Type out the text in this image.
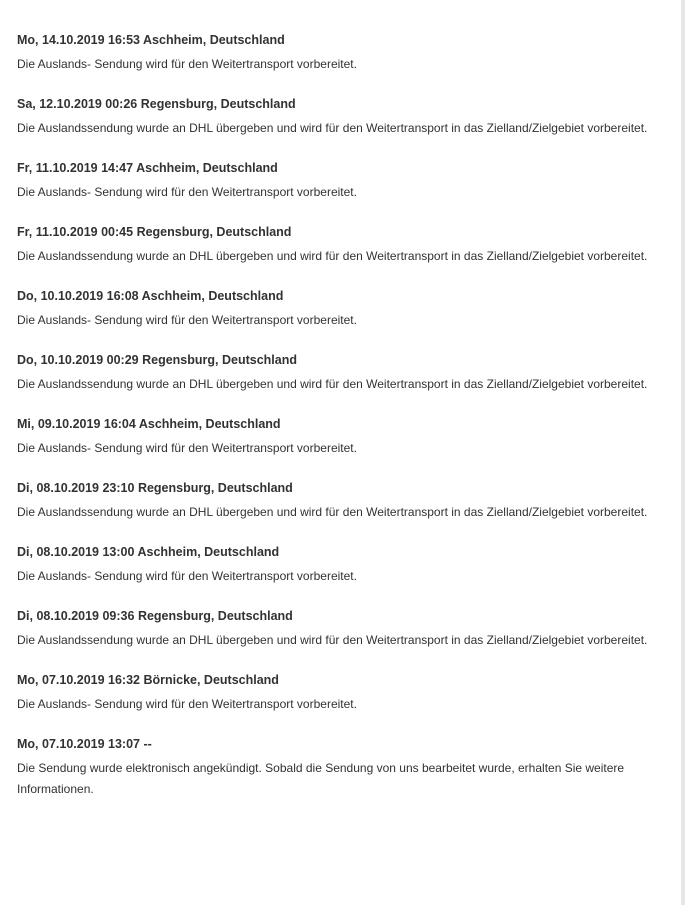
Mo, 14.10.2019 16:53 Aschheim, Deutschland

Die Auslands- Sendung wird für den Weitertransport vorbereitet.

Sa, 12.10.2019 00:26 Regensburg, Deutschland

Die Auslandssendung wurde an DHL übergeben und wird für den Weitertransport in das Zielland/Zielgebiet vorbereitet.

Fr, 11.10.2019 14:47 Aschheim, Deutschland

Die Auslands- Sendung wird für den Weitertransport vorbereitet.

Fr, 11.10.2019 00:45 Regensburg, Deutschland

Die Auslandssendung wurde an DHL übergeben und wird für den Weitertransport in das Zielland/Zielgebiet vorbereitet.

Do, 10.10.2019 16:08 Aschheim, Deutschland

Die Auslands- Sendung wird für den Weitertransport vorbereitet.

Do, 10.10.2019 00:29 Regensburg, Deutschland

Die Auslandssendung wurde an DHL übergeben und wird für den Weitertransport in das Zielland/Zielgebiet vorbereitet.

Mi, 09.10.2019 16:04 Aschheim, Deutschland

Die Auslands- Sendung wird für den Weitertransport vorbereitet.

Di, 08.10.2019 23:10 Regensburg, Deutschland

Die Auslandssendung wurde an DHL übergeben und wird für den Weitertransport in das Zielland/Zielgebiet vorbereitet.

Di, 08.10.2019 13:00 Aschheim, Deutschland

Die Auslands- Sendung wird für den Weitertransport vorbereitet.

Di, 08.10.2019 09:36 Regensburg, Deutschland

Die Auslandssendung wurde an DHL übergeben und wird für den Weitertransport in das Zielland/Zielgebiet vorbereitet.

Mo, 07.10.2019 16:32 Börnicke, Deutschland

Die Auslands- Sendung wird für den Weitertransport vorbereitet.

Mo, 07.10.2019 13:07 --

Die Sendung wurde elektronisch angekündigt. Sobald die Sendung von uns bearbeitet wurde, erhalten Sie weitere Informationen.
